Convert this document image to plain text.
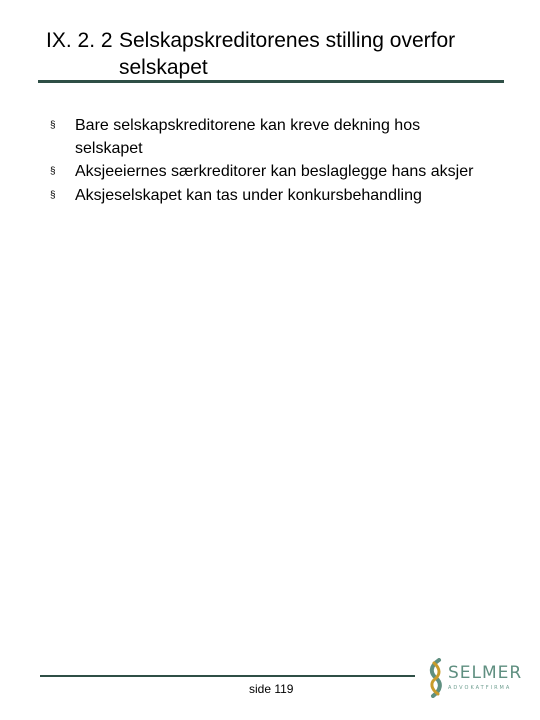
IX. 2. 2 Selskapskreditorenes stilling overfor selskapet
§	Bare selskapskreditorene kan kreve dekning hos selskapet
§	Aksjeeiernes særkreditorer kan beslaglegge hans aksjer
§	Aksjeselskapet kan tas under konkursbehandling
side 119
SELMER
ADVOKATFIRMA
